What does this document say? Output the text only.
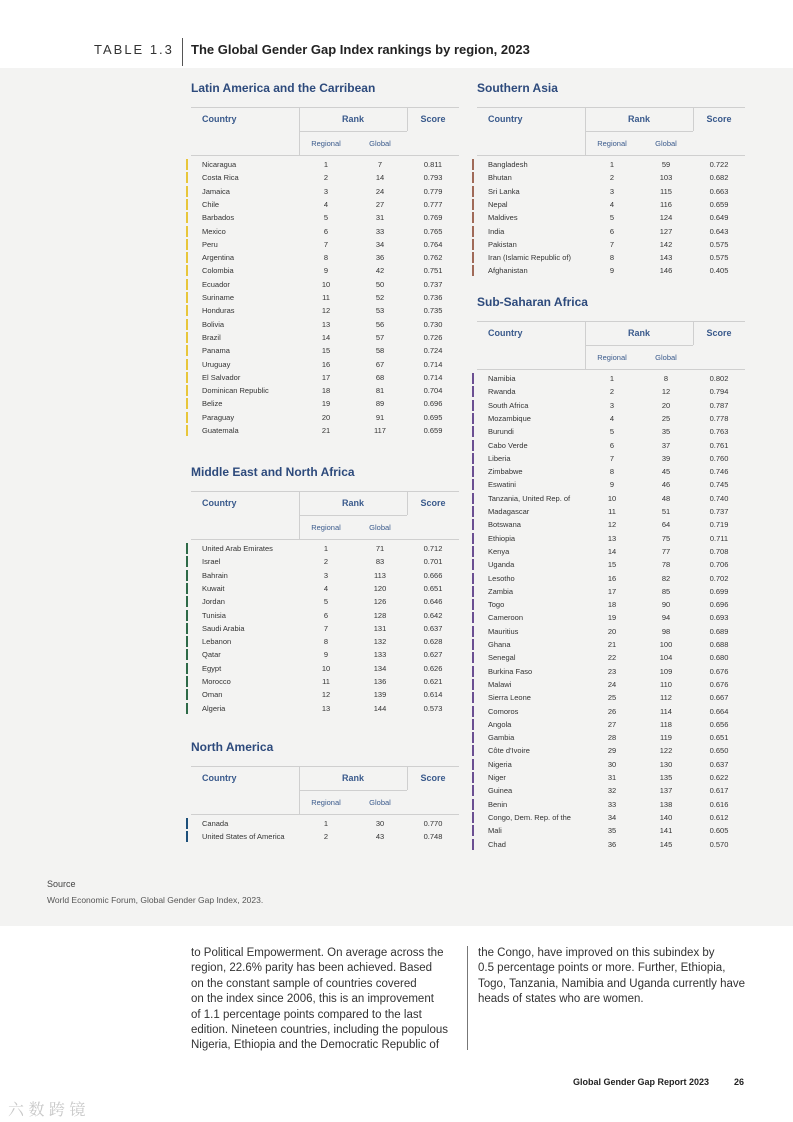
TABLE 1.3 The Global Gender Gap Index rankings by region, 2023
Latin America and the Carribean
Country	Rank	Score
Regional	Global
Nicaragua	1	7	0.811
Costa Rica	2	14	0.793
Jamaica	3	24	0.779
Chile	4	27	0.777
Barbados	5	31	0.769
Mexico	6	33	0.765
Peru	7	34	0.764
Argentina	8	36	0.762
Colombia	9	42	0.751
Ecuador	10	50	0.737
Suriname	11	52	0.736
Honduras	12	53	0.735
Bolivia	13	56	0.730
Brazil	14	57	0.726
Panama	15	58	0.724
Uruguay	16	67	0.714
El Salvador	17	68	0.714
Dominican Republic	18	81	0.704
Belize	19	89	0.696
Paraguay	20	91	0.695
Guatemala	21	117	0.659
Middle East and North Africa
Country	Rank	Score
Regional	Global
United Arab Emirates	1	71	0.712
Israel	2	83	0.701
Bahrain	3	113	0.666
Kuwait	4	120	0.651
Jordan	5	126	0.646
Tunisia	6	128	0.642
Saudi Arabia	7	131	0.637
Lebanon	8	132	0.628
Qatar	9	133	0.627
Egypt	10	134	0.626
Morocco	11	136	0.621
Oman	12	139	0.614
Algeria	13	144	0.573
North America
Country	Rank	Score
Regional	Global
Canada	1	30	0.770
United States of America	2	43	0.748
Southern Asia
Country	Rank	Score
Regional	Global
Bangladesh	1	59	0.722
Bhutan	2	103	0.682
Sri Lanka	3	115	0.663
Nepal	4	116	0.659
Maldives	5	124	0.649
India	6	127	0.643
Pakistan	7	142	0.575
Iran (Islamic Republic of)	8	143	0.575
Afghanistan	9	146	0.405
Sub-Saharan Africa
Country	Rank	Score
Regional	Global
Namibia	1	8	0.802
Rwanda	2	12	0.794
South Africa	3	20	0.787
Mozambique	4	25	0.778
Burundi	5	35	0.763
Cabo Verde	6	37	0.761
Liberia	7	39	0.760
Zimbabwe	8	45	0.746
Eswatini	9	46	0.745
Tanzania, United Rep. of	10	48	0.740
Madagascar	11	51	0.737
Botswana	12	64	0.719
Ethiopia	13	75	0.711
Kenya	14	77	0.708
Uganda	15	78	0.706
Lesotho	16	82	0.702
Zambia	17	85	0.699
Togo	18	90	0.696
Cameroon	19	94	0.693
Mauritius	20	98	0.689
Ghana	21	100	0.688
Senegal	22	104	0.680
Burkina Faso	23	109	0.676
Malawi	24	110	0.676
Sierra Leone	25	112	0.667
Comoros	26	114	0.664
Angola	27	118	0.656
Gambia	28	119	0.651
Côte d'Ivoire	29	122	0.650
Nigeria	30	130	0.637
Niger	31	135	0.622
Guinea	32	137	0.617
Benin	33	138	0.616
Congo, Dem. Rep. of the	34	140	0.612
Mali	35	141	0.605
Chad	36	145	0.570
Source
World Economic Forum, Global Gender Gap Index, 2023.
to Political Empowerment. On average across the
region, 22.6% parity has been achieved. Based
on the constant sample of countries covered
on the index since 2006, this is an improvement
of 1.1 percentage points compared to the last
edition. Nineteen countries, including the populous
Nigeria, Ethiopia and the Democratic Republic of
the Congo, have improved on this subindex by
0.5 percentage points or more. Further, Ethiopia,
Togo, Tanzania, Namibia and Uganda currently have
heads of states who are women.
Global Gender Gap Report 2023	26
六 数 跨 镜
